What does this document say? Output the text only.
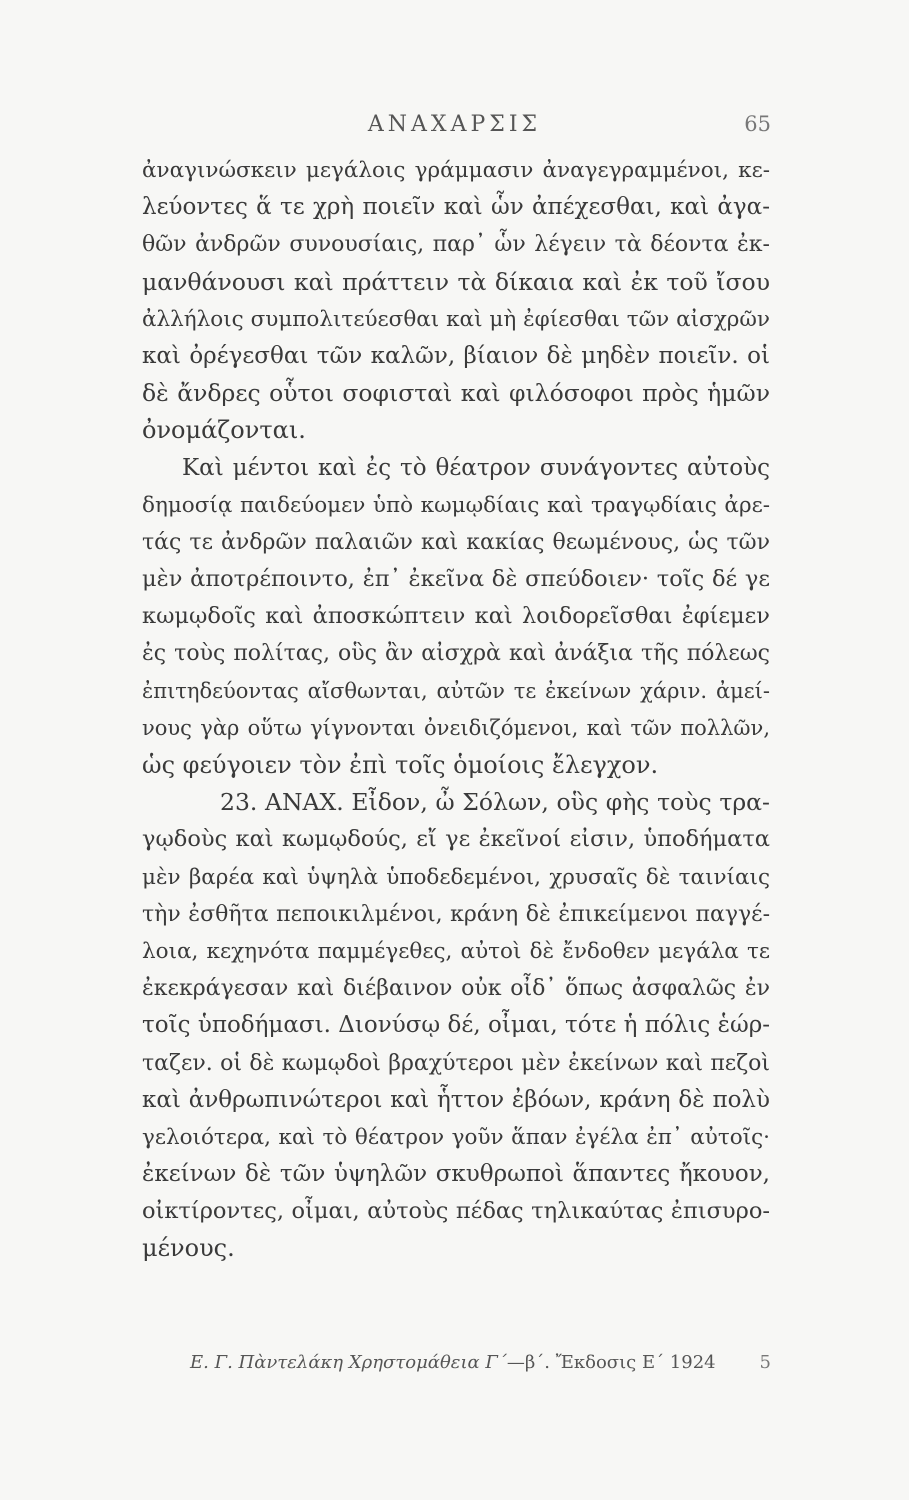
ΑΝΑΧΑΡΣΙΣ	65
ἀναγινώσκειν μεγάλοις γράμμασιν ἀναγεγραμμένοι, κε-
λεύοντες ἅ τε χρὴ ποιεῖν καὶ ὧν ἀπέχεσθαι, καὶ ἀγα-
θῶν ἀνδρῶν συνουσίαις, παρ᾽ ὧν λέγειν τὰ δέοντα ἐκ-
μανθάνουσι καὶ πράττειν τὰ δίκαια καὶ ἐκ τοῦ ἴσου
ἀλλήλοις συμπολιτεύεσθαι καὶ μὴ ἐφίεσθαι τῶν αἰσχρῶν
καὶ ὀρέγεσθαι τῶν καλῶν, βίαιον δὲ μηδὲν ποιεῖν. οἱ
δὲ ἄνδρες οὗτοι σοφισταὶ καὶ φιλόσοφοι πρὸς ἡμῶν
ὀνομάζονται.
Καὶ μέντοι καὶ ἐς τὸ θέατρον συνάγοντες αὐτοὺς
δημοσίᾳ παιδεύομεν ὑπὸ κωμῳδίαις καὶ τραγῳδίαις ἀρε-
τάς τε ἀνδρῶν παλαιῶν καὶ κακίας θεωμένους, ὡς τῶν
μὲν ἀποτρέποιντο, ἐπ᾽ ἐκεῖνα δὲ σπεύδοιεν· τοῖς δέ γε
κωμῳδοῖς καὶ ἀποσκώπτειν καὶ λοιδορεῖσθαι ἐφίεμεν
ἐς τοὺς πολίτας, οὓς ἂν αἰσχρὰ καὶ ἀνάξια τῆς πόλεως
ἐπιτηδεύοντας αἴσθωνται, αὐτῶν τε ἐκείνων χάριν. ἀμεί-
νους γὰρ οὕτω γίγνονται ὀνειδιζόμενοι, καὶ τῶν πολλῶν,
ὡς φεύγοιεν τὸν ἐπὶ τοῖς ὁμοίοις ἔλεγχον.
23. ΑΝΑΧ. Εἶδον, ὦ Σόλων, οὓς φὴς τοὺς τρα-
γῳδοὺς καὶ κωμῳδούς, εἴ γε ἐκεῖνοί εἰσιν, ὑποδήματα
μὲν βαρέα καὶ ὑψηλὰ ὑποδεδεμένοι, χρυσαῖς δὲ ταινίαις
τὴν ἐσθῆτα πεποικιλμένοι, κράνη δὲ ἐπικείμενοι παγγέ-
λοια, κεχηνότα παμμέγεθες, αὐτοὶ δὲ ἔνδοθεν μεγάλα τε
ἐκεκράγεσαν καὶ διέβαινον οὐκ οἶδ᾽ ὅπως ἀσφαλῶς ἐν
τοῖς ὑποδήμασι. Διονύσῳ δέ, οἶμαι, τότε ἡ πόλις ἑώρ-
ταζεν. οἱ δὲ κωμῳδοὶ βραχύτεροι μὲν ἐκείνων καὶ πεζοὶ
καὶ ἀνθρωπινώτεροι καὶ ἧττον ἐβόων, κράνη δὲ πολὺ
γελοιότερα, καὶ τὸ θέατρον γοῦν ἅπαν ἐγέλα ἐπ᾽ αὐτοῖς·
ἐκείνων δὲ τῶν ὑψηλῶν σκυθρωποὶ ἅπαντες ἤκουον,
οἰκτίροντες, οἶμαι, αὐτοὺς πέδας τηλικαύτας ἐπισυρο-
μένους.
Ε. Γ. Πὰντελάκη Χρηστομάθεια Γ΄—β΄. Ἔκδοσις Ε΄ 1924 5
